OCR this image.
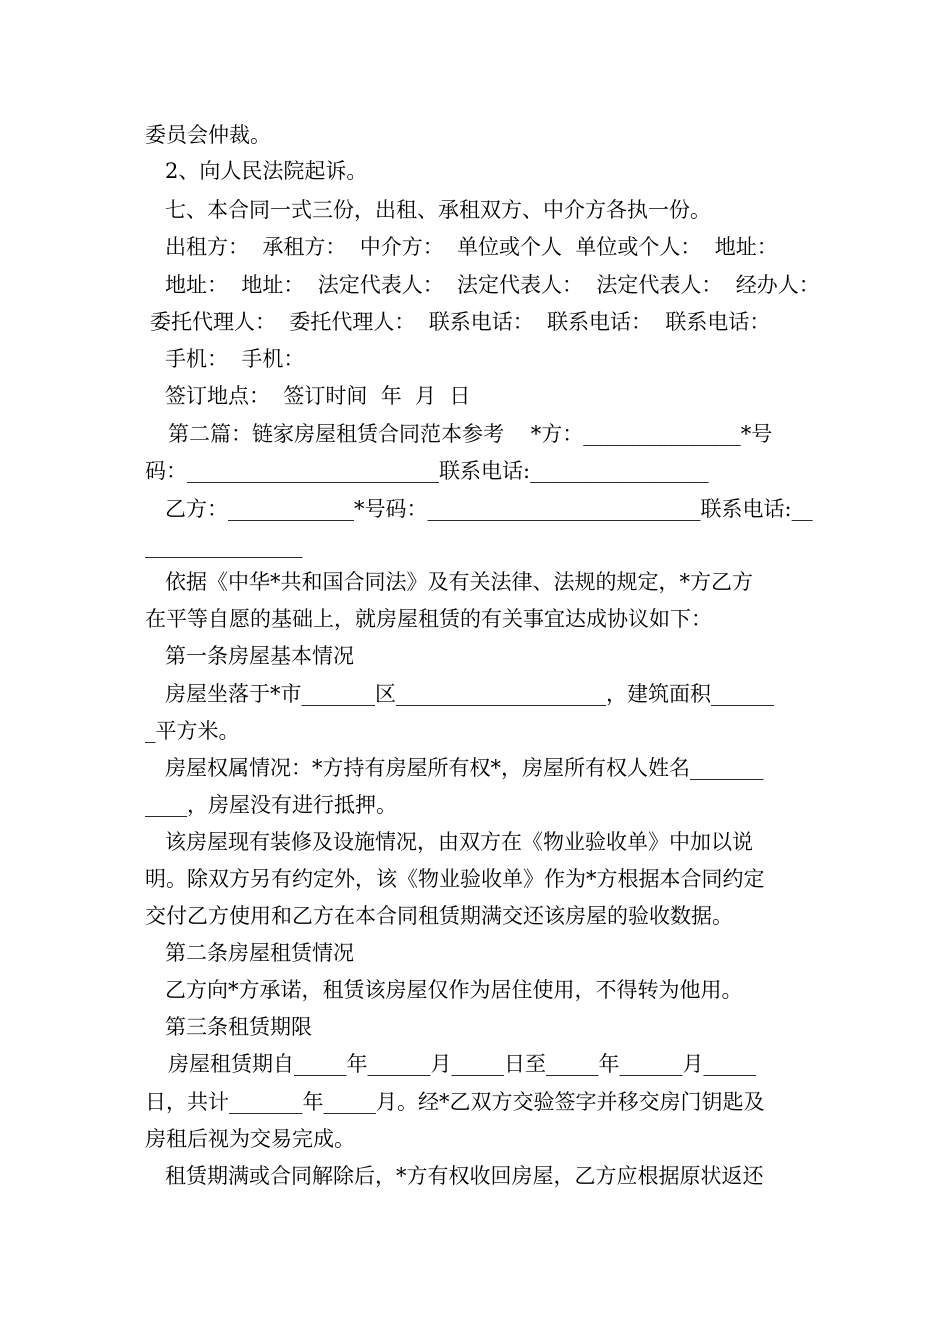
委员会仲裁。
2、向人民法院起诉。
七、本合同一式三份，出租、承租双方、中介方各执一份。
出租方：  承租方：  中介方：  单位或个人  单位或个人：  地址：
地址：  地址：  法定代表人：  法定代表人：  法定代表人：  经办人：
委托代理人：  委托代理人：  联系电话：  联系电话：  联系电话：
手机：  手机：
签订地点：  签订时间  年  月  日
第二篇：链家房屋租赁合同范本参考    *方：_______________*号
码：________________________联系电话:_________________
乙方：____________*号码：__________________________联系电话:__
_______________
依据《中华*共和国合同法》及有关法律、法规的规定，*方乙方
在平等自愿的基础上，就房屋租赁的有关事宜达成协议如下：
第一条房屋基本情况
房屋坐落于*市_______区____________________，建筑面积______
_平方米。
房屋权属情况：*方持有房屋所有权*，房屋所有权人姓名_______
____，房屋没有进行抵押。
该房屋现有装修及设施情况，由双方在《物业验收单》中加以说
明。除双方另有约定外，该《物业验收单》作为*方根据本合同约定
交付乙方使用和乙方在本合同租赁期满交还该房屋的验收数据。
第二条房屋租赁情况
乙方向*方承诺，租赁该房屋仅作为居住使用，不得转为他用。
第三条租赁期限
房屋租赁期自_____年______月_____日至_____年______月_____
日，共计_______年_____月。经*乙双方交验签字并移交房门钥匙及
房租后视为交易完成。
租赁期满或合同解除后，*方有权收回房屋，乙方应根据原状返还
